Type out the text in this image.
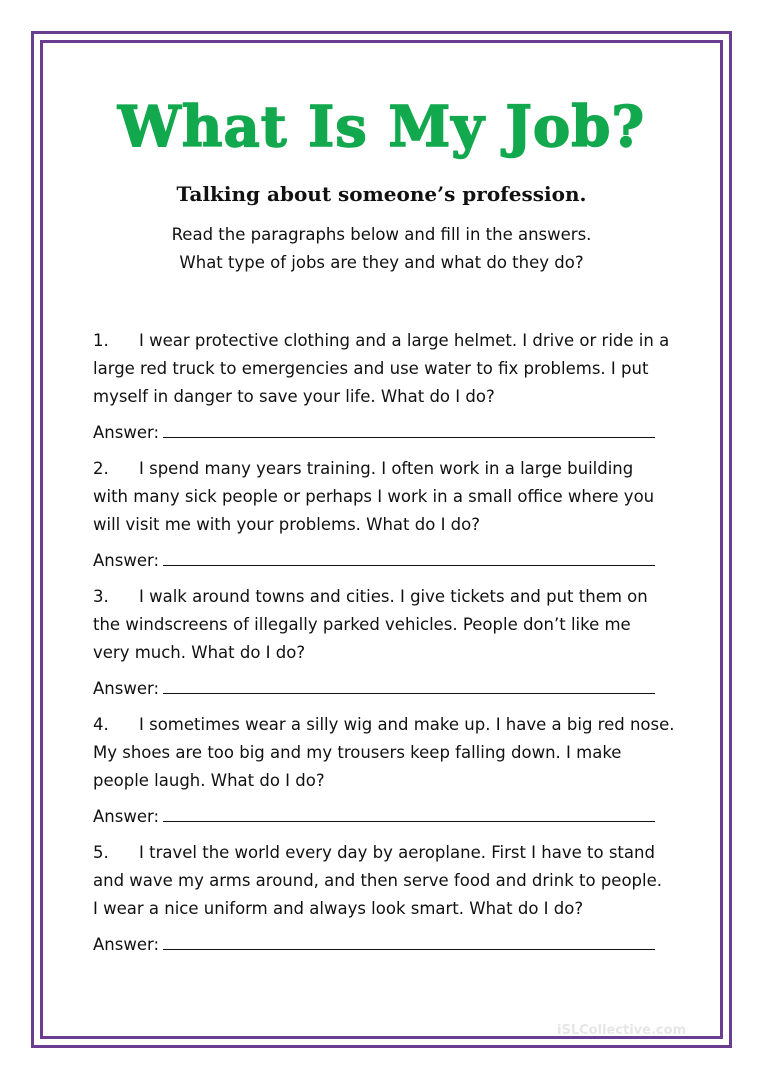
What Is My Job?
Talking about someone’s profession.
Read the paragraphs below and fill in the answers.
What type of jobs are they and what do they do?
1. I wear protective clothing and a large helmet. I drive or ride in a
large red truck to emergencies and use water to fix problems. I put
myself in danger to save your life. What do I do?
Answer:
2. I spend many years training. I often work in a large building
with many sick people or perhaps I work in a small office where you
will visit me with your problems. What do I do?
Answer:
3. I walk around towns and cities. I give tickets and put them on
the windscreens of illegally parked vehicles. People don’t like me
very much. What do I do?
Answer:
4. I sometimes wear a silly wig and make up. I have a big red nose.
My shoes are too big and my trousers keep falling down. I make
people laugh. What do I do?
Answer:
5. I travel the world every day by aeroplane. First I have to stand
and wave my arms around, and then serve food and drink to people.
I wear a nice uniform and always look smart. What do I do?
Answer:
iSLCollective.com
